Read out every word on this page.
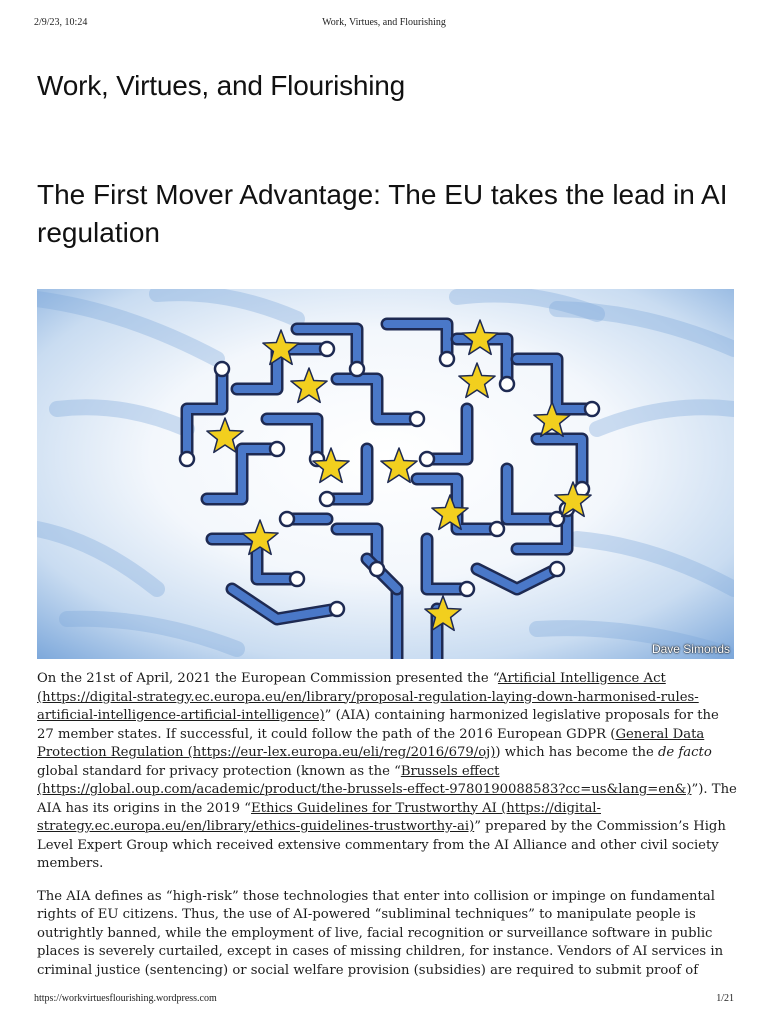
2/9/23, 10:24	Work, Virtues, and Flourishing
Work, Virtues, and Flourishing
The First Mover Advantage: The EU takes the lead in AI regulation
Dave Simonds

On the 21st of April, 2021 the European Commission presented the “Artificial Intelligence Act (https://digital-strategy.ec.europa.eu/en/library/proposal-regulation-laying-down-harmonised-rules-artificial-intelligence-artificial-intelligence)” (AIA) containing harmonized legislative proposals for the 27 member states. If successful, it could follow the path of the 2016 European GDPR (General Data Protection Regulation (https://eur-lex.europa.eu/eli/reg/2016/679/oj)) which has become the de facto global standard for privacy protection (known as the “Brussels effect (https://global.oup.com/academic/product/the-brussels-effect-9780190088583?cc=us&lang=en&)”). The AIA has its origins in the 2019 “Ethics Guidelines for Trustworthy AI (https://digital-strategy.ec.europa.eu/en/library/ethics-guidelines-trustworthy-ai)” prepared by the Commission’s High Level Expert Group which received extensive commentary from the AI Alliance and other civil society members.

The AIA defines as “high-risk” those technologies that enter into collision or impinge on fundamental rights of EU citizens. Thus, the use of AI-powered “subliminal techniques” to manipulate people is outrightly banned, while the employment of live, facial recognition or surveillance software in public places is severely curtailed, except in cases of missing children, for instance. Vendors of AI services in criminal justice (sentencing) or social welfare provision (subsidies) are required to submit proof of

https://workvirtuesflourishing.wordpress.com	1/21
